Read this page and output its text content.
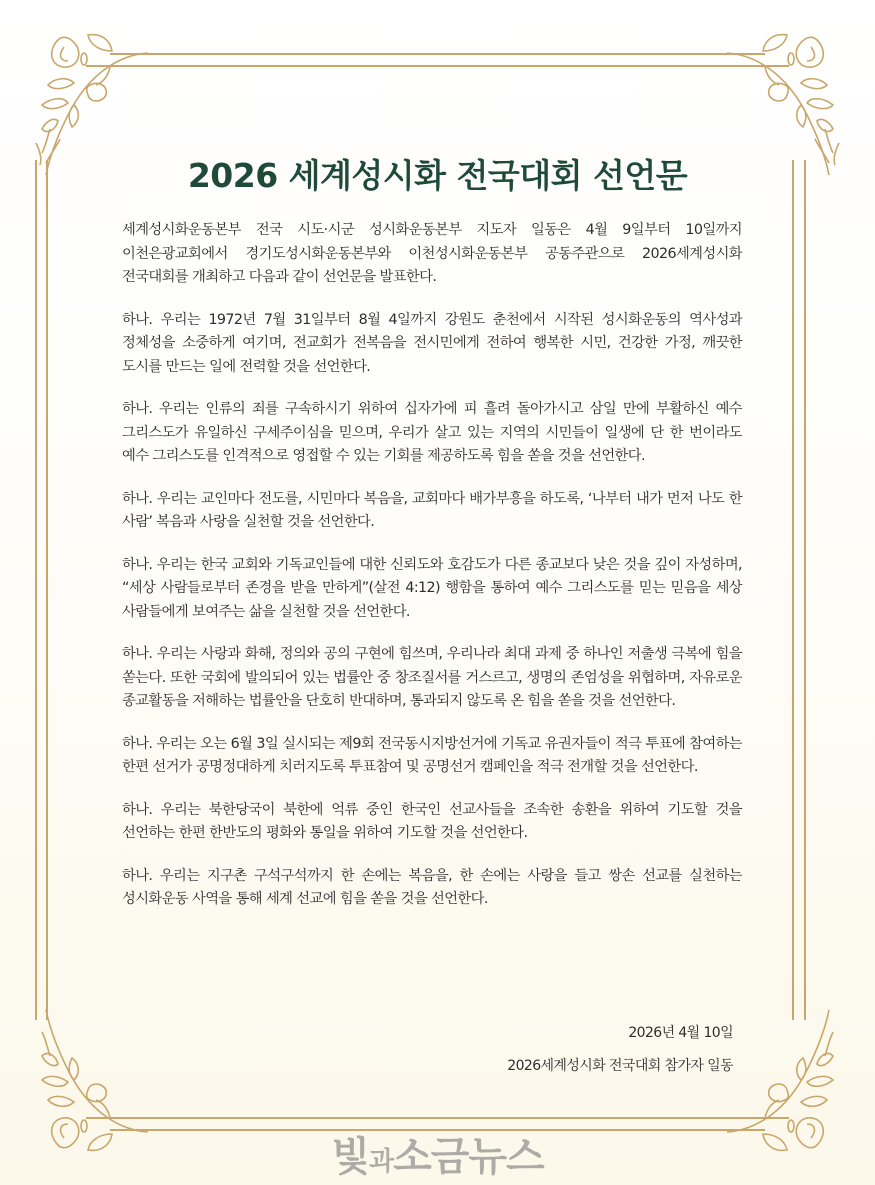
2026 세계성시화 전국대회 선언문

세계성시화운동본부 전국 시도·시군 성시화운동본부 지도자 일동은 4월 9일부터 10일까지 이천은광교회에서 경기도성시화운동본부와 이천성시화운동본부 공동주관으로 2026세계성시화 전국대회를 개최하고 다음과 같이 선언문을 발표한다.

하나. 우리는 1972년 7월 31일부터 8월 4일까지 강원도 춘천에서 시작된 성시화운동의 역사성과 정체성을 소중하게 여기며, 전교회가 전복음을 전시민에게 전하여 행복한 시민, 건강한 가정, 깨끗한 도시를 만드는 일에 전력할 것을 선언한다.

하나. 우리는 인류의 죄를 구속하시기 위하여 십자가에 피 흘려 돌아가시고 삼일 만에 부활하신 예수 그리스도가 유일하신 구세주이심을 믿으며, 우리가 살고 있는 지역의 시민들이 일생에 단 한 번이라도 예수 그리스도를 인격적으로 영접할 수 있는 기회를 제공하도록 힘을 쏟을 것을 선언한다.

하나. 우리는 교인마다 전도를, 시민마다 복음을, 교회마다 배가부흥을 하도록, ‘나부터 내가 먼저 나도 한 사람’ 복음과 사랑을 실천할 것을 선언한다.

하나. 우리는 한국 교회와 기독교인들에 대한 신뢰도와 호감도가 다른 종교보다 낮은 것을 깊이 자성하며, “세상 사람들로부터 존경을 받을 만하게”(살전 4:12) 행함을 통하여 예수 그리스도를 믿는 믿음을 세상 사람들에게 보여주는 삶을 실천할 것을 선언한다.

하나. 우리는 사랑과 화해, 정의와 공의 구현에 힘쓰며, 우리나라 최대 과제 중 하나인 저출생 극복에 힘을 쏟는다. 또한 국회에 발의되어 있는 법률안 중 창조질서를 거스르고, 생명의 존엄성을 위협하며, 자유로운 종교활동을 저해하는 법률안을 단호히 반대하며, 통과되지 않도록 온 힘을 쏟을 것을 선언한다.

하나. 우리는 오는 6월 3일 실시되는 제9회 전국동시지방선거에 기독교 유권자들이 적극 투표에 참여하는 한편 선거가 공명정대하게 치러지도록 투표참여 및 공명선거 캠페인을 적극 전개할 것을 선언한다.

하나. 우리는 북한당국이 북한에 억류 중인 한국인 선교사들을 조속한 송환을 위하여 기도할 것을 선언하는 한편 한반도의 평화와 통일을 위하여 기도할 것을 선언한다.

하나. 우리는 지구촌 구석구석까지 한 손에는 복음을, 한 손에는 사랑을 들고 쌍손 선교를 실천하는 성시화운동 사역을 통해 세계 선교에 힘을 쏟을 것을 선언한다.

2026년 4월 10일
2026세계성시화 전국대회 참가자 일동
빛과소금뉴스
